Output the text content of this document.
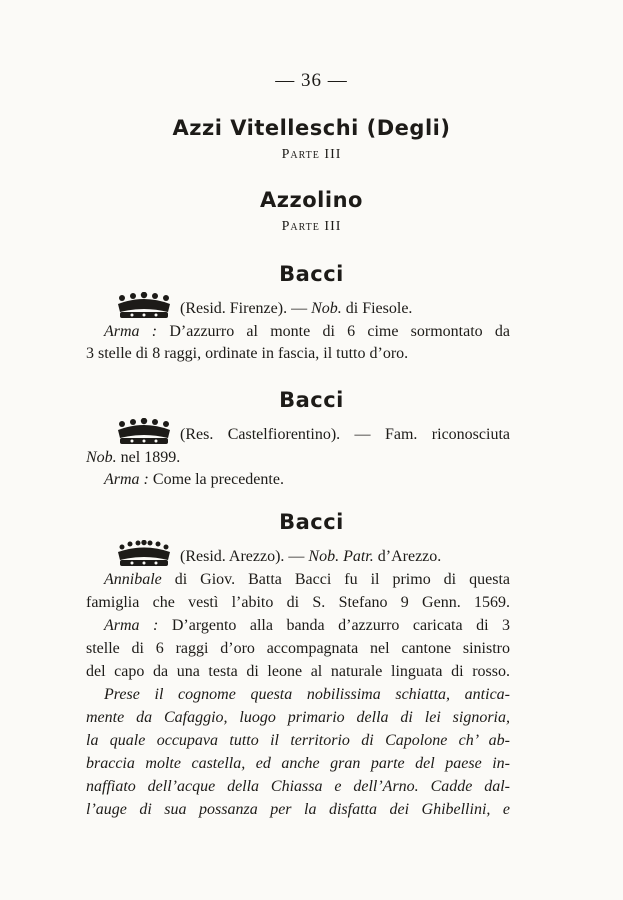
— 36 —
Azzi Vitelleschi (Degli)
Parte III
Azzolino
Parte III
Bacci
(Resid. Firenze). — Nob. di Fiesole.
Arma : D’azzurro al monte di 6 cime sormontato da
3 stelle di 8 raggi, ordinate in fascia, il tutto d’oro.
Bacci
(Res. Castelfiorentino). — Fam. riconosciuta
Nob. nel 1899.
Arma : Come la precedente.
Bacci
(Resid. Arezzo). — Nob. Patr. d’Arezzo.
Annibale di Giov. Batta Bacci fu il primo di questa
famiglia che vestì l’abito di S. Stefano 9 Genn. 1569.
Arma : D’argento alla banda d’azzurro caricata di 3
stelle di 6 raggi d’oro accompagnata nel cantone sinistro
del capo da una testa di leone al naturale linguata di rosso.
Prese il cognome questa nobilissima schiatta, antica-
mente da Cafaggio, luogo primario della di lei signoria,
la quale occupava tutto il territorio di Capolone ch’ ab-
braccia molte castella, ed anche gran parte del paese in-
naffiato dell’acque della Chiassa e dell’Arno. Cadde dal-
l’auge di sua possanza per la disfatta dei Ghibellini, e
